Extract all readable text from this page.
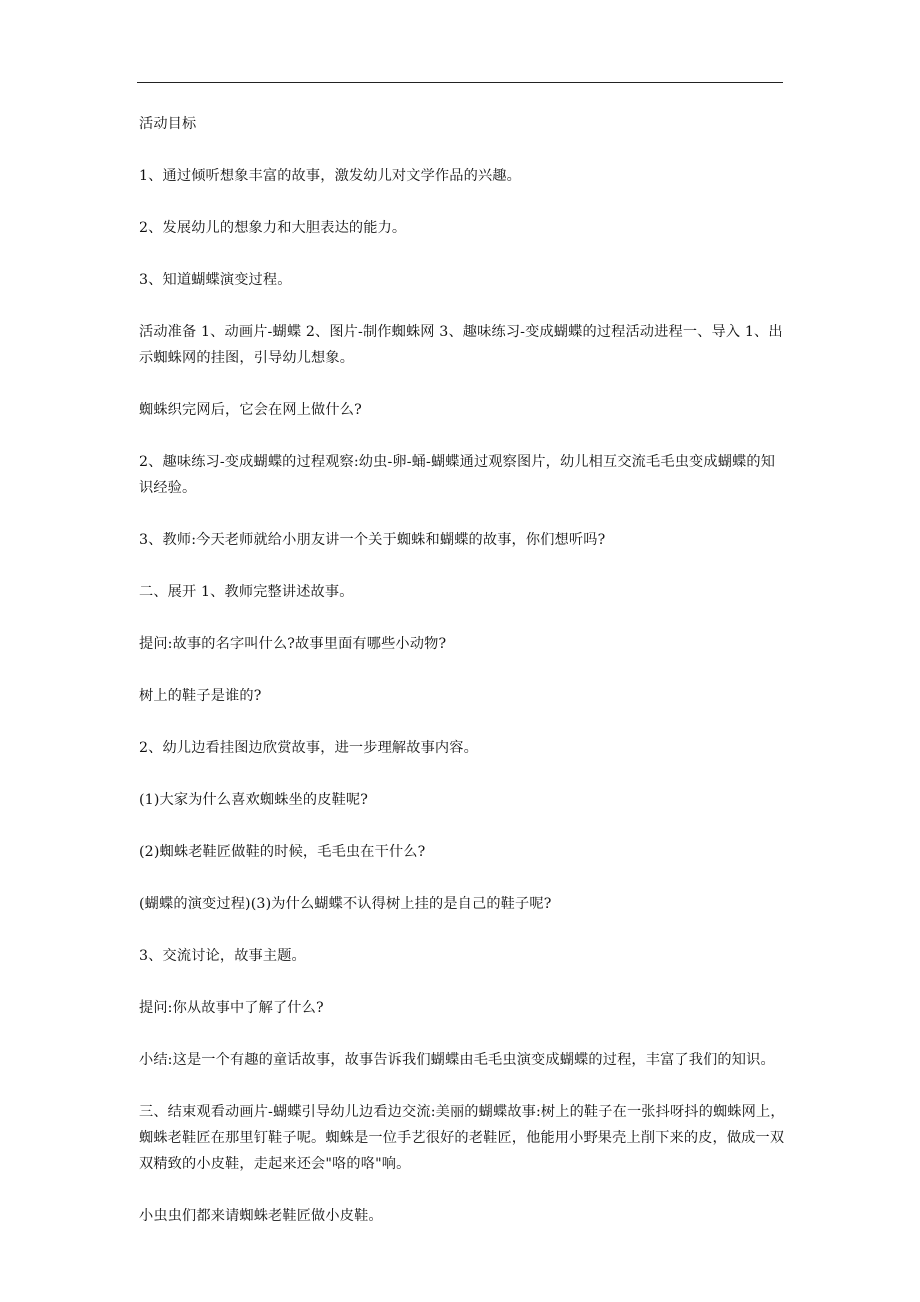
活动目标

1、通过倾听想象丰富的故事，激发幼儿对文学作品的兴趣。

2、发展幼儿的想象力和大胆表达的能力。

3、知道蝴蝶演变过程。

活动准备 1、动画片-蝴蝶 2、图片-制作蜘蛛网 3、趣味练习-变成蝴蝶的过程活动进程一、导入 1、出示蜘蛛网的挂图，引导幼儿想象。

蜘蛛织完网后，它会在网上做什么?

2、趣味练习-变成蝴蝶的过程观察:幼虫-卵-蛹-蝴蝶通过观察图片，幼儿相互交流毛毛虫变成蝴蝶的知识经验。

3、教师:今天老师就给小朋友讲一个关于蜘蛛和蝴蝶的故事，你们想听吗?

二、展开 1、教师完整讲述故事。

提问:故事的名字叫什么?故事里面有哪些小动物?

树上的鞋子是谁的?

2、幼儿边看挂图边欣赏故事，进一步理解故事内容。

(1)大家为什么喜欢蜘蛛坐的皮鞋呢?

(2)蜘蛛老鞋匠做鞋的时候，毛毛虫在干什么?

(蝴蝶的演变过程)(3)为什么蝴蝶不认得树上挂的是自己的鞋子呢?

3、交流讨论，故事主题。

提问:你从故事中了解了什么?

小结:这是一个有趣的童话故事，故事告诉我们蝴蝶由毛毛虫演变成蝴蝶的过程，丰富了我们的知识。

三、结束观看动画片-蝴蝶引导幼儿边看边交流:美丽的蝴蝶故事:树上的鞋子在一张抖呀抖的蜘蛛网上，蜘蛛老鞋匠在那里钉鞋子呢。蜘蛛是一位手艺很好的老鞋匠，他能用小野果壳上削下来的皮，做成一双双精致的小皮鞋，走起来还会"咯的咯"响。

小虫虫们都来请蜘蛛老鞋匠做小皮鞋。
